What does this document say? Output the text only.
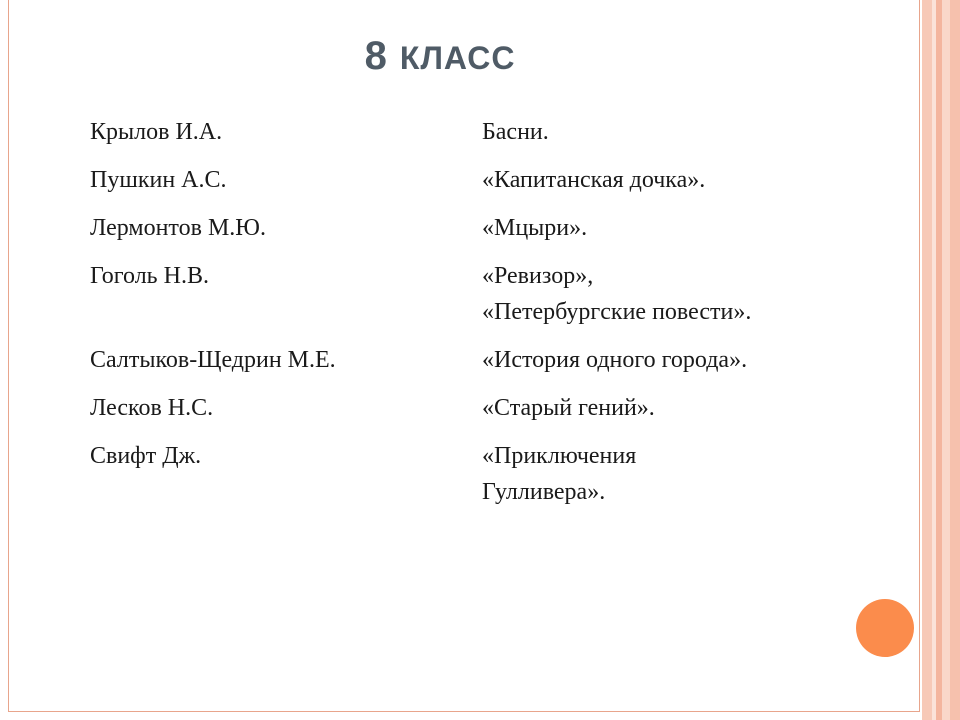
8 КЛАСС
Крылов И.А.	Басни.
Пушкин А.С.	«Капитанская дочка».
Лермонтов М.Ю.	«Мцыри».
Гоголь Н.В.	«Ревизор»,
«Петербургские повести».
Салтыков-Щедрин М.Е.	«История одного города».
Лесков Н.С.	«Старый гений».
Свифт Дж.	«Приключения
Гулливера».
